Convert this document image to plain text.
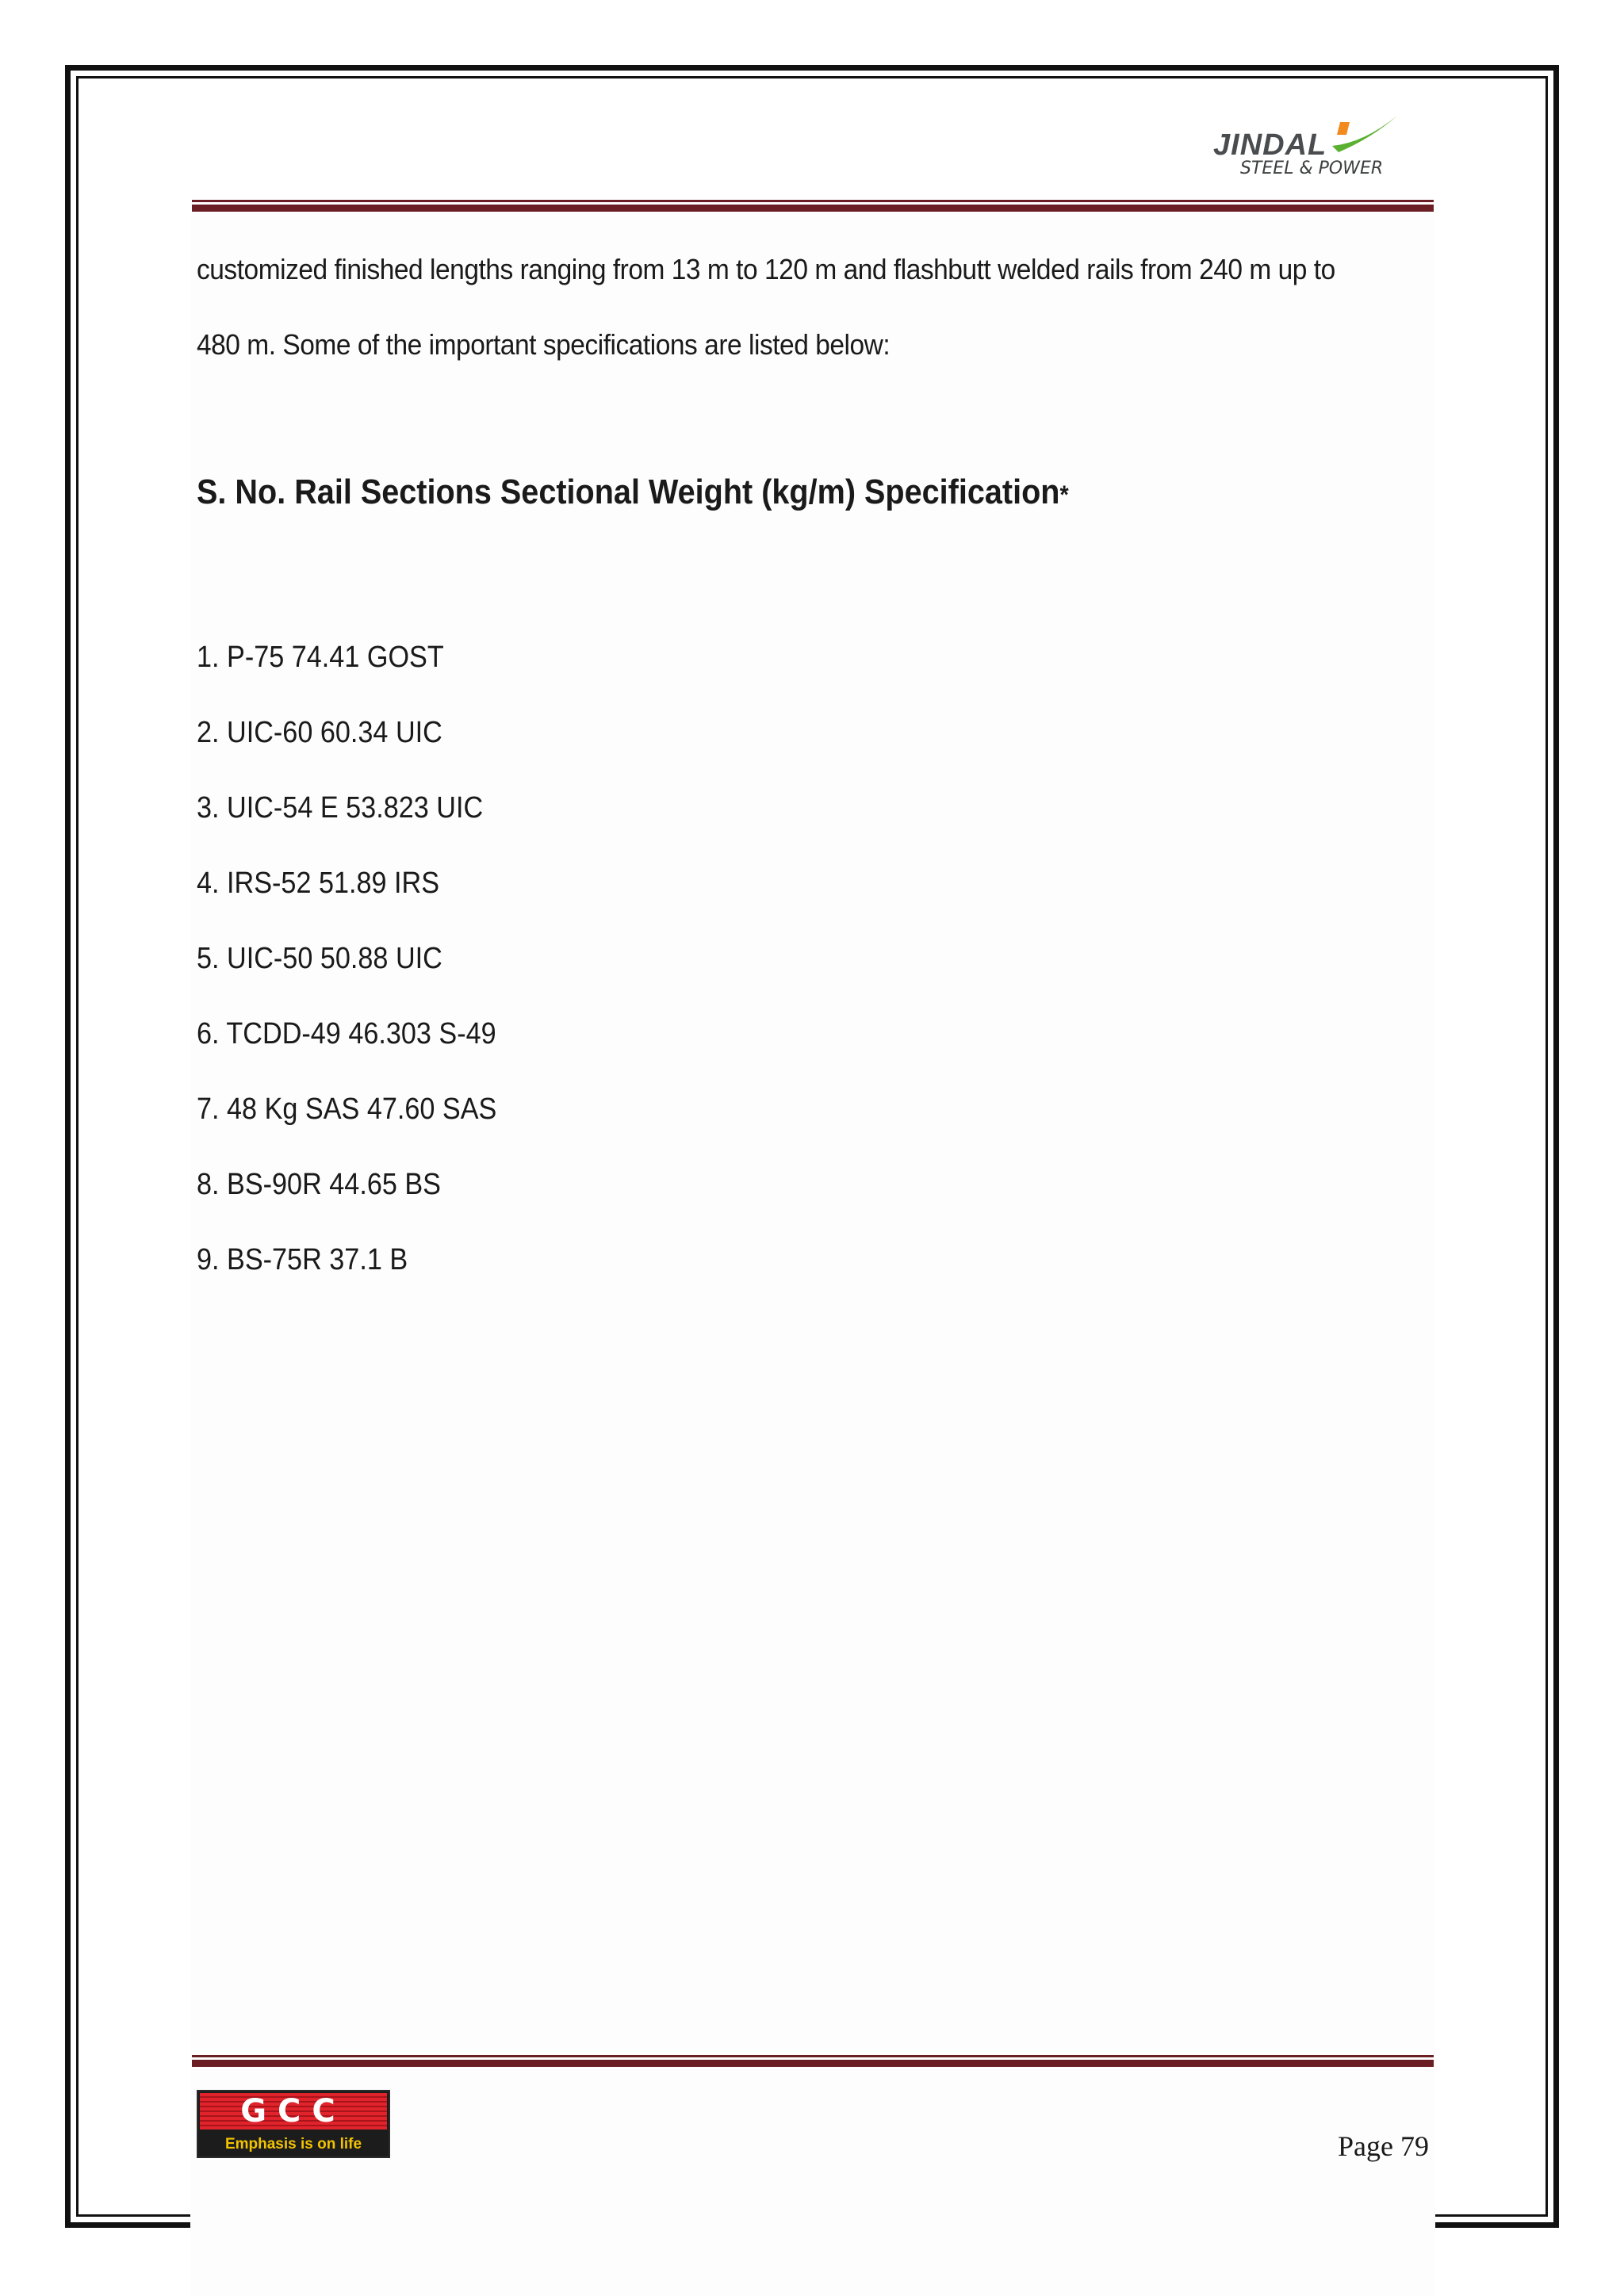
JINDAL
STEEL & POWER
customized finished lengths ranging from 13 m to 120 m and flashbutt welded rails from 240 m up to
480 m. Some of the important specifications are listed below:
S. No. Rail Sections Sectional Weight (kg/m) Specification*
1. P-75 74.41 GOST
2. UIC-60 60.34 UIC
3. UIC-54 E 53.823 UIC
4. IRS-52 51.89 IRS
5. UIC-50 50.88 UIC
6. TCDD-49 46.303 S-49
7. 48 Kg SAS 47.60 SAS
8. BS-90R 44.65 BS
9. BS-75R 37.1 B
GCC
Emphasis is on life	Page 79
